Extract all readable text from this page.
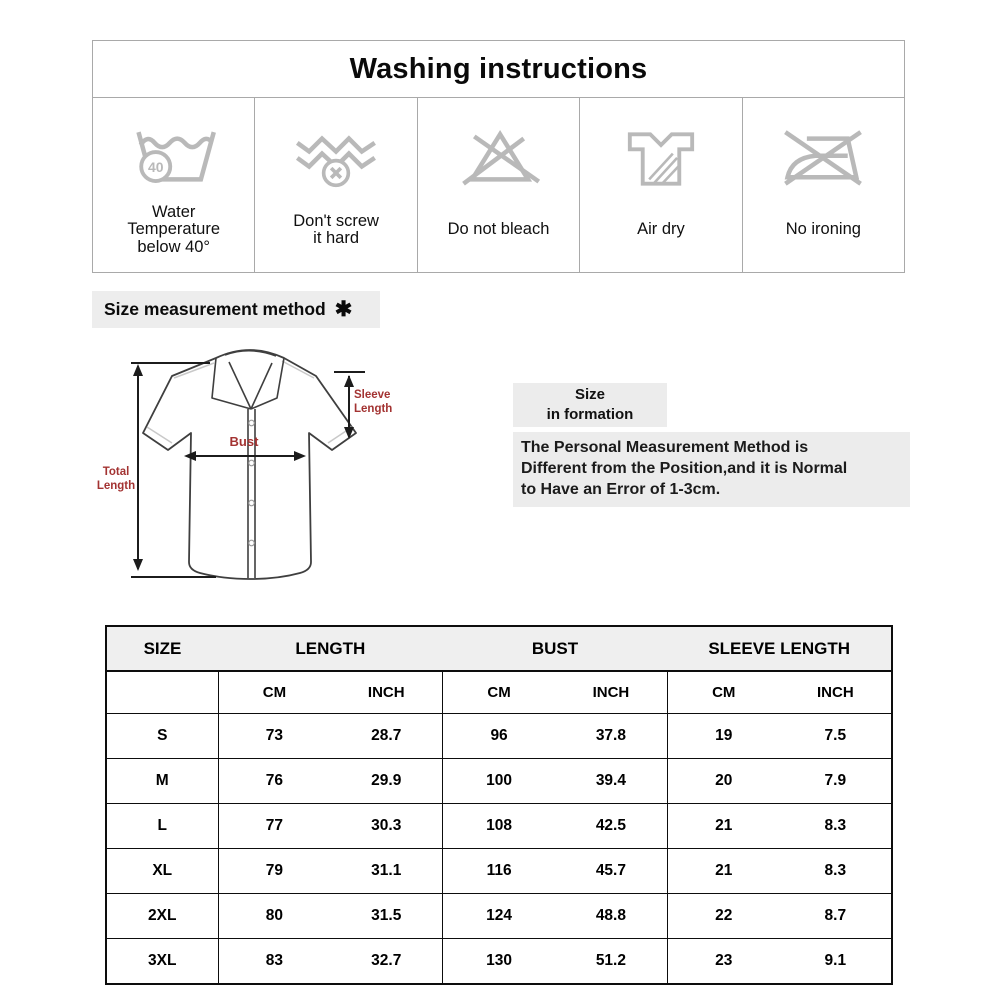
Washing instructions
40
Water Temperature below 40°
Don't screw it hard	Do not bleach	Air dry	No ironing
Size measurement method ✱
Total
Length
Bust
Sleeve
Length
Size
in formation
The Personal Measurement Method is
Different from the Position,and it is Normal
to Have an Error of 1-3cm.
SIZE	LENGTH		BUST		SLEEVE LENGTH	
	CM	INCH	CM	INCH	CM	INCH
S	73	28.7	96	37.8	19	7.5
M	76	29.9	100	39.4	20	7.9
L	77	30.3	108	42.5	21	8.3
XL	79	31.1	116	45.7	21	8.3
2XL	80	31.5	124	48.8	22	8.7
3XL	83	32.7	130	51.2	23	9.1
